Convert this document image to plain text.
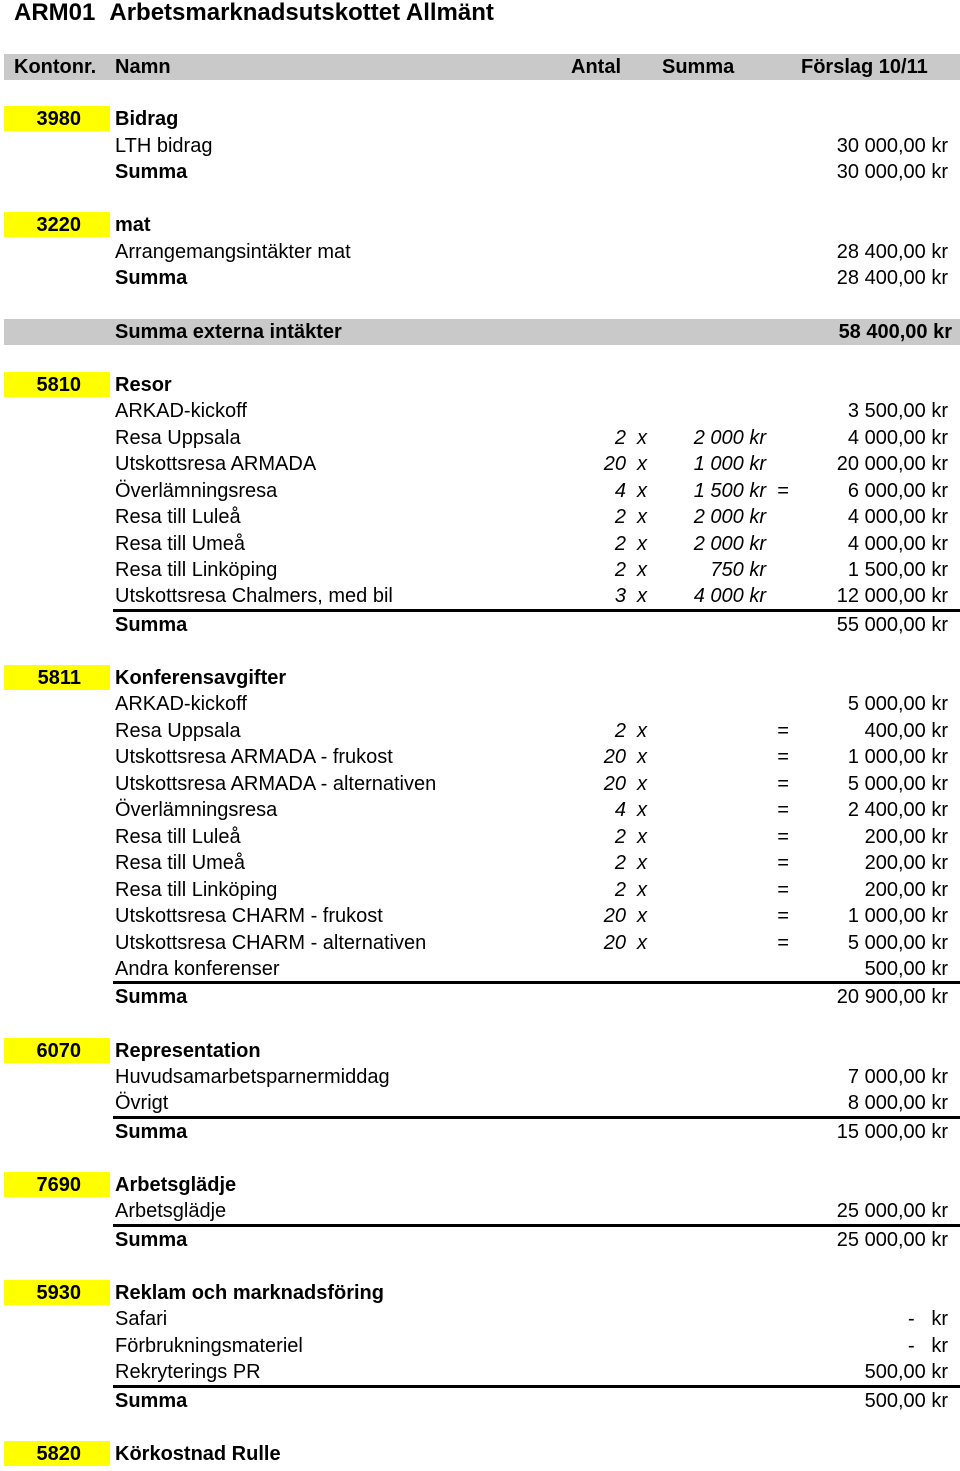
ARM01 Arbetsmarknadsutskottet Allmänt
Kontonr. Namn	Antal Summa	Förslag 10/11
3980	Bidrag
LTH bidrag	30 000,00 kr
Summa	30 000,00 kr
3220	mat
Arrangemangsintäkter mat	28 400,00 kr
Summa	28 400,00 kr
Summa externa intäkter	58 400,00 kr
5810	Resor
ARKAD-kickoff	3 500,00 kr
Resa Uppsala	2 x 2 000 kr	4 000,00 kr
Utskottsresa ARMADA	20 x 1 000 kr	20 000,00 kr
Överlämningsresa	4 x 1 500 kr =	6 000,00 kr
Resa till Luleå	2 x 2 000 kr	4 000,00 kr
Resa till Umeå	2 x 2 000 kr	4 000,00 kr
Resa till Linköping	2 x	750 kr	1 500,00 kr
Utskottsresa Chalmers, med bil	3 x 4 000 kr	12 000,00 kr
Summa	55 000,00 kr
5811	Konferensavgifter
ARKAD-kickoff	5 000,00 kr
Resa Uppsala	2 x	=	400,00 kr
Utskottsresa ARMADA - frukost	20 x	=	1 000,00 kr
Utskottsresa ARMADA - alternativen	20 x	=	5 000,00 kr
Överlämningsresa	4 x	=	2 400,00 kr
Resa till Luleå	2 x	=	200,00 kr
Resa till Umeå	2 x	=	200,00 kr
Resa till Linköping	2 x	=	200,00 kr
Utskottsresa CHARM - frukost	20 x	=	1 000,00 kr
Utskottsresa CHARM - alternativen	20 x	=	5 000,00 kr
Andra konferenser	500,00 kr
Summa	20 900,00 kr
6070	Representation
Huvudsamarbetsparnermiddag	7 000,00 kr
Övrigt	8 000,00 kr
Summa	15 000,00 kr
7690	Arbetsglädje
Arbetsglädje	25 000,00 kr
Summa	25 000,00 kr
5930	Reklam och marknadsföring
Safari	-   kr
Förbrukningsmateriel	-   kr
Rekryterings PR	500,00 kr
Summa	500,00 kr
5820	Körkostnad Rulle
